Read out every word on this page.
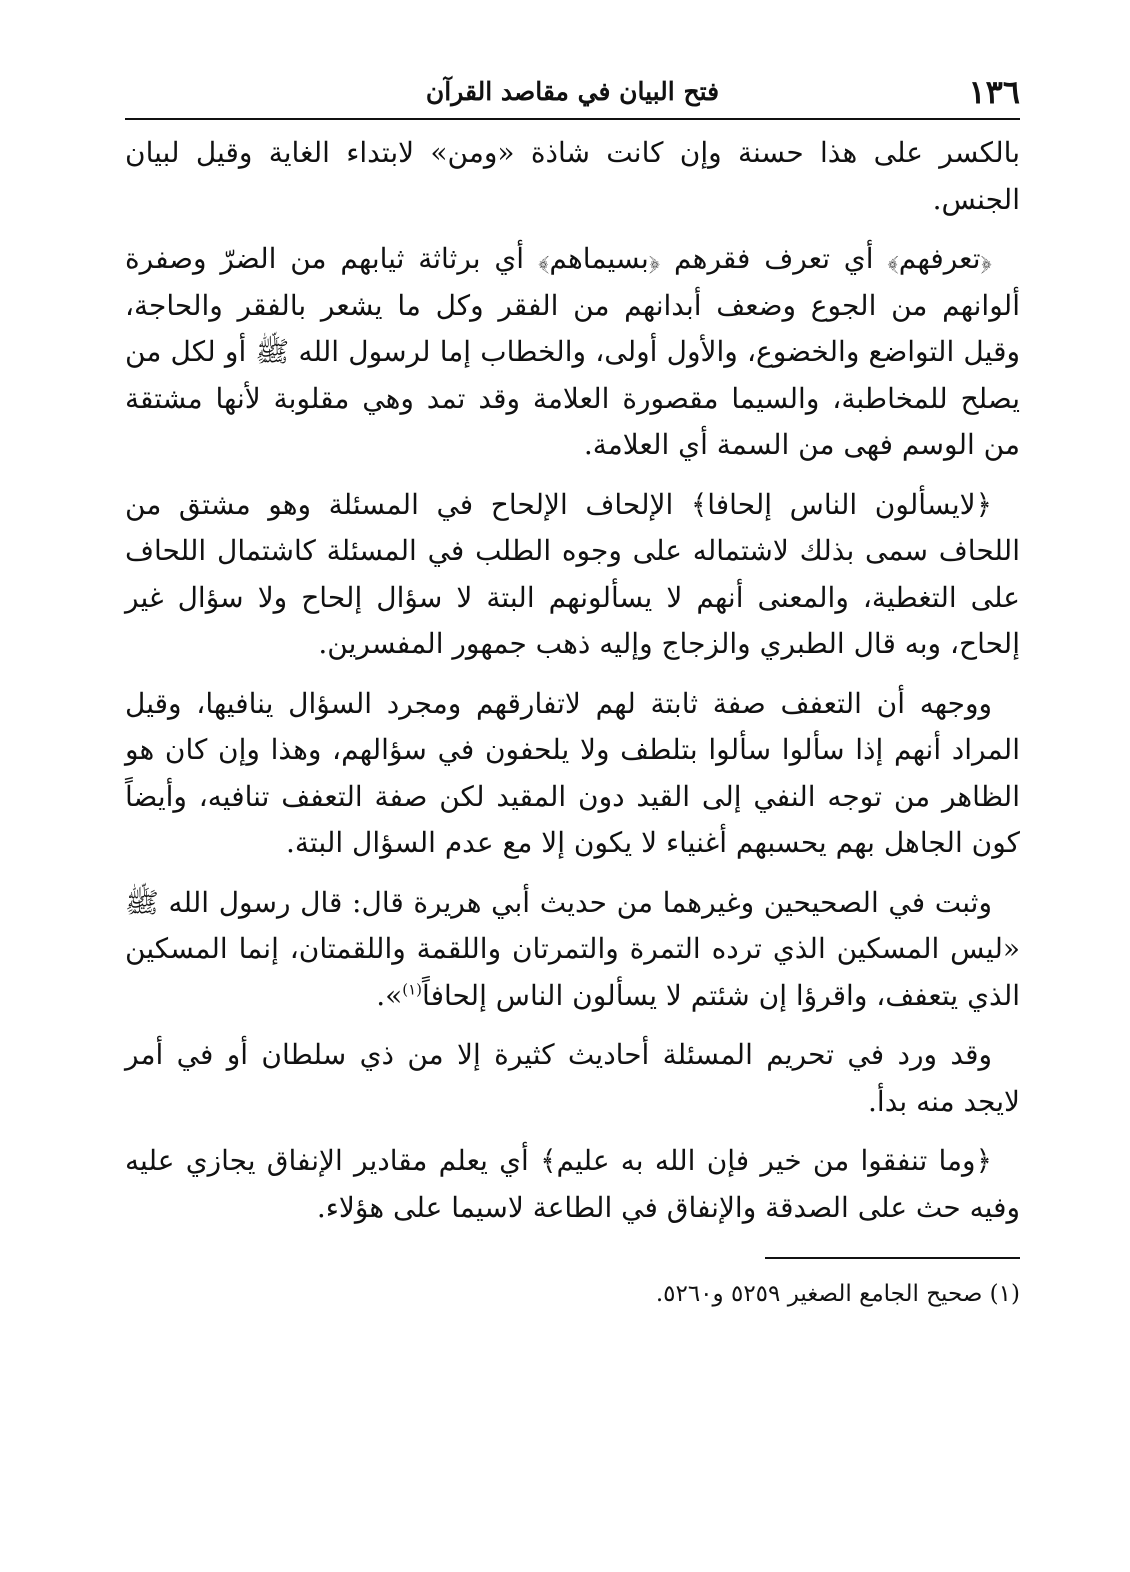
١٣٦
فتح البيان في مقاصد القرآن

بالكسر على هذا حسنة وإن كانت شاذة «ومن» لابتداء الغاية وقيل لبيان الجنس.

﴿تعرفهم﴾ أي تعرف فقرهم ﴿بسيماهم﴾ أي برثاثة ثيابهم من الضرّ وصفرة ألوانهم من الجوع وضعف أبدانهم من الفقر وكل ما يشعر بالفقر والحاجة، وقيل التواضع والخضوع، والأول أولى، والخطاب إما لرسول الله ﷺ أو لكل من يصلح للمخاطبة، والسيما مقصورة العلامة وقد تمد وهي مقلوبة لأنها مشتقة من الوسم فهى من السمة أي العلامة.

﴿لايسألون الناس إلحافا﴾ الإلحاف الإلحاح في المسئلة وهو مشتق من اللحاف سمى بذلك لاشتماله على وجوه الطلب في المسئلة كاشتمال اللحاف على التغطية، والمعنى أنهم لا يسألونهم البتة لا سؤال إلحاح ولا سؤال غير إلحاح، وبه قال الطبري والزجاج وإليه ذهب جمهور المفسرين.

ووجهه أن التعفف صفة ثابتة لهم لاتفارقهم ومجرد السؤال ينافيها، وقيل المراد أنهم إذا سألوا سألوا بتلطف ولا يلحفون في سؤالهم، وهذا وإن كان هو الظاهر من توجه النفي إلى القيد دون المقيد لكن صفة التعفف تنافيه، وأيضاً كون الجاهل بهم يحسبهم أغنياء لا يكون إلا مع عدم السؤال البتة.

وثبت في الصحيحين وغيرهما من حديث أبي هريرة قال: قال رسول الله ﷺ «ليس المسكين الذي ترده التمرة والتمرتان واللقمة واللقمتان، إنما المسكين الذي يتعفف، واقرؤا إن شئتم لا يسألون الناس إلحافاً$^{(١)}$».

وقد ورد في تحريم المسئلة أحاديث كثيرة إلا من ذي سلطان أو في أمر لايجد منه بدأ.

﴿وما تنفقوا من خير فإن الله به عليم﴾ أي يعلم مقادير الإنفاق يجازي عليه وفيه حث على الصدقة والإنفاق في الطاعة لاسيما على هؤلاء.

(١) صحيح الجامع الصغير ٥٢٥٩ و٥٢٦٠.
